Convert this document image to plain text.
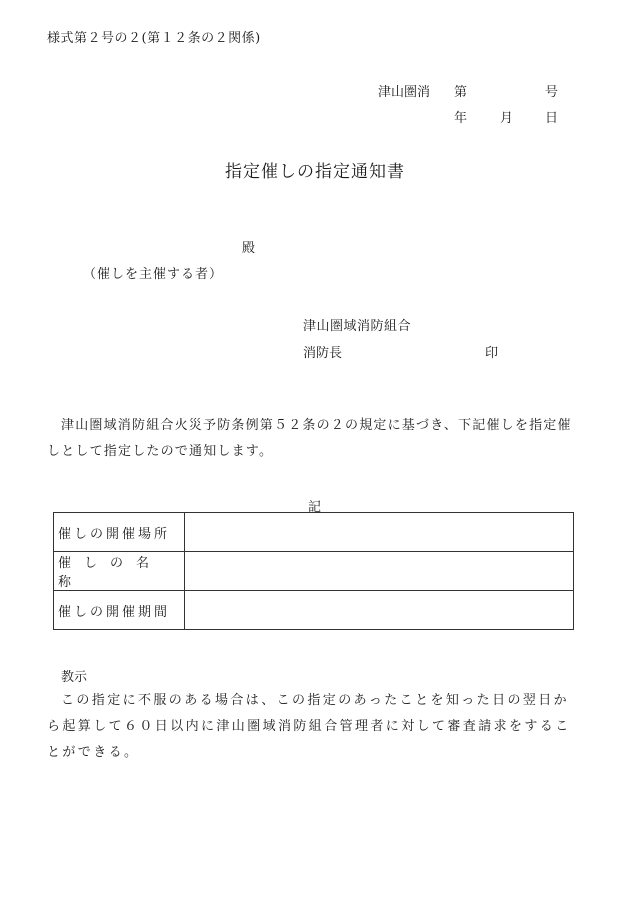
様式第２号の２(第１２条の２関係)
津山圏消 第	号
年	月 日
指定催しの指定通知書
殿
（催しを主催する者）
津山圏域消防組合
消防長	印
津山圏域消防組合火災予防条例第５２条の２の規定に基づき、下記催しを指定催しとして指定したので通知します。
記
催しの開催場所	
催しの名称	
催しの開催期間	
教示
この指定に不服のある場合は、この指定のあったことを知った日の翌日から起算して６０日以内に津山圏域消防組合管理者に対して審査請求をすることができる。
